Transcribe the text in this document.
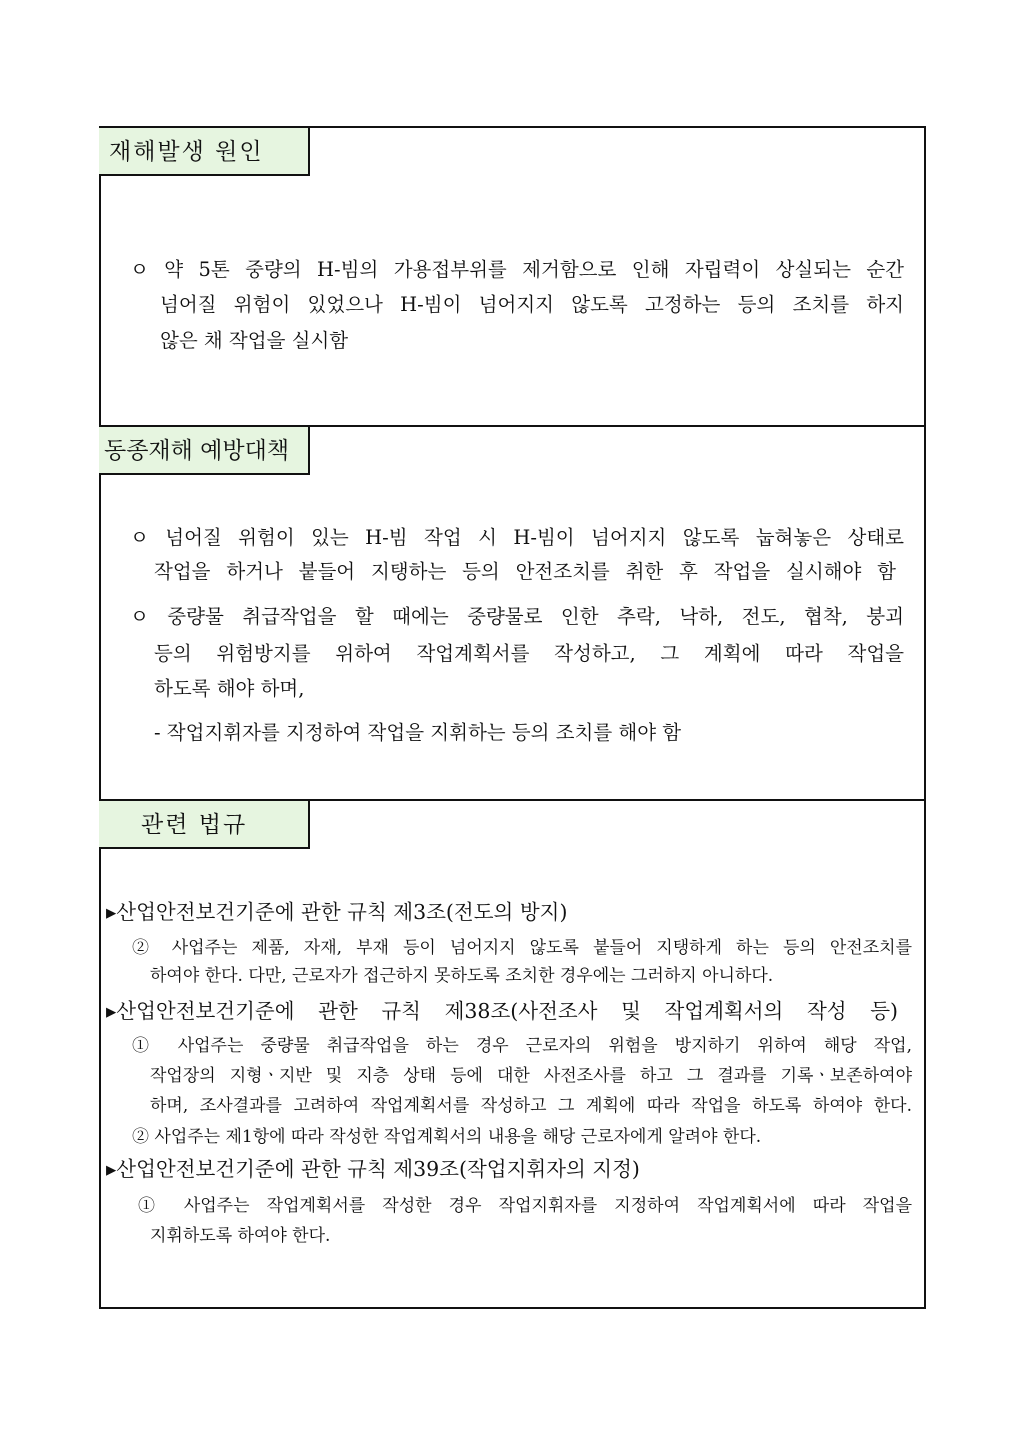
재해발생 원인
ㅇ 약 5톤 중량의 H-빔의 가용접부위를 제거함으로 인해 자립력이 상실되는 순간
넘어질 위험이 있었으나 H-빔이 넘어지지 않도록 고정하는 등의 조치를 하지
않은 채 작업을 실시함
동종재해 예방대책
ㅇ 넘어질 위험이 있는 H-빔 작업 시 H-빔이 넘어지지 않도록 눕혀놓은 상태로
작업을 하거나 붙들어 지탱하는 등의 안전조치를 취한 후 작업을 실시해야 함
ㅇ 중량물 취급작업을 할 때에는 중량물로 인한 추락, 낙하, 전도, 협착, 붕괴
등의 위험방지를 위하여 작업계획서를 작성하고, 그 계획에 따라 작업을
하도록 해야 하며,
- 작업지휘자를 지정하여 작업을 지휘하는 등의 조치를 해야 함
관련 법규
▸산업안전보건기준에 관한 규칙 제3조(전도의 방지)
② 사업주는 제품, 자재, 부재 등이 넘어지지 않도록 붙들어 지탱하게 하는 등의 안전조치를
하여야 한다. 다만, 근로자가 접근하지 못하도록 조치한 경우에는 그러하지 아니하다.
▸산업안전보건기준에 관한 규칙 제38조(사전조사 및 작업계획서의 작성 등)
① 사업주는 중량물 취급작업을 하는 경우 근로자의 위험을 방지하기 위하여 해당 작업,
작업장의 지형ㆍ지반 및 지층 상태 등에 대한 사전조사를 하고 그 결과를 기록ㆍ보존하여야
하며, 조사결과를 고려하여 작업계획서를 작성하고 그 계획에 따라 작업을 하도록 하여야 한다.
② 사업주는 제1항에 따라 작성한 작업계획서의 내용을 해당 근로자에게 알려야 한다.
▸산업안전보건기준에 관한 규칙 제39조(작업지휘자의 지정)
① 사업주는 작업계획서를 작성한 경우 작업지휘자를 지정하여 작업계획서에 따라 작업을
지휘하도록 하여야 한다.
